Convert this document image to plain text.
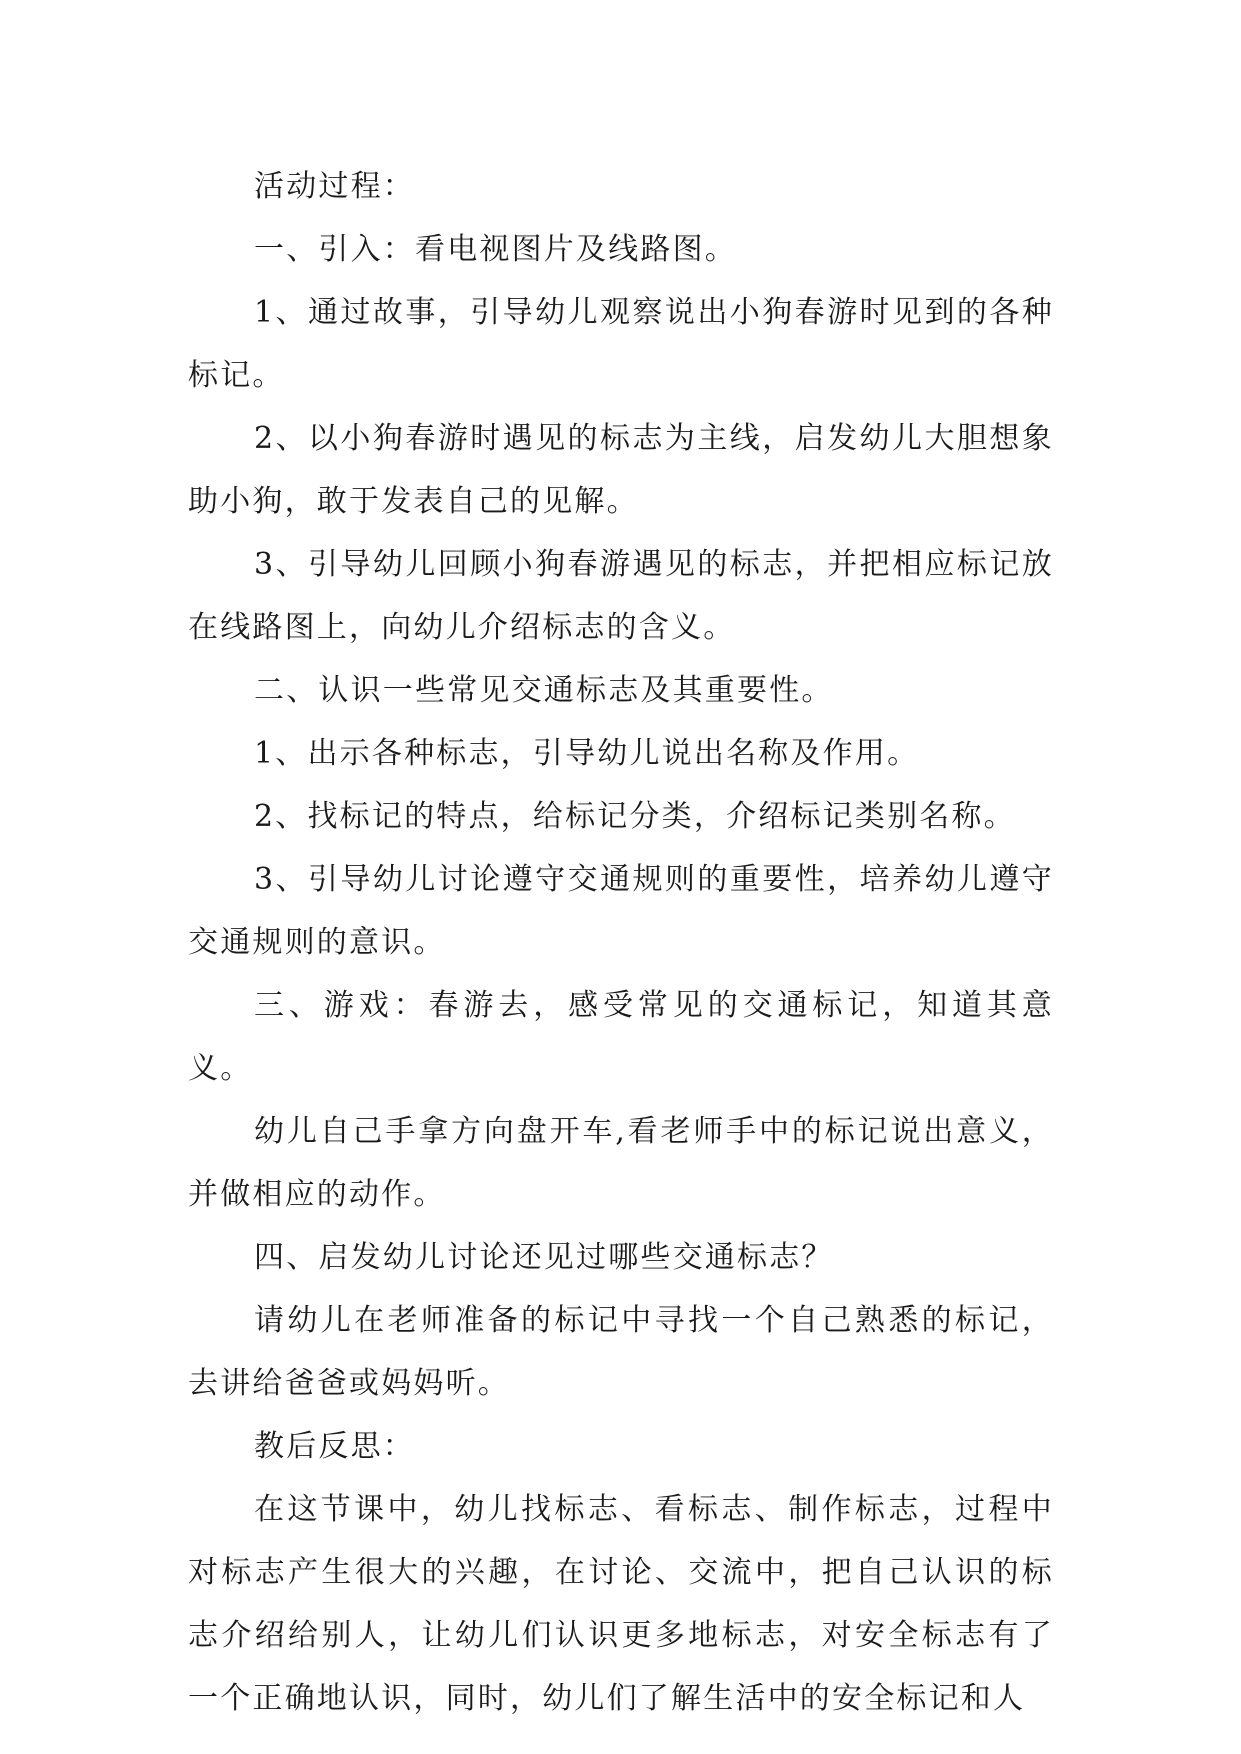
活动过程：

一、引入：看电视图片及线路图。

1、通过故事，引导幼儿观察说出小狗春游时见到的各种标记。

2、以小狗春游时遇见的标志为主线，启发幼儿大胆想象助小狗，敢于发表自己的见解。

3、引导幼儿回顾小狗春游遇见的标志，并把相应标记放在线路图上，向幼儿介绍标志的含义。

二、认识一些常见交通标志及其重要性。

1、出示各种标志，引导幼儿说出名称及作用。

2、找标记的特点，给标记分类，介绍标记类别名称。

3、引导幼儿讨论遵守交通规则的重要性，培养幼儿遵守交通规则的意识。

三、游戏：春游去，感受常见的交通标记，知道其意义。

幼儿自己手拿方向盘开车,看老师手中的标记说出意义，并做相应的动作。

四、启发幼儿讨论还见过哪些交通标志？

请幼儿在老师准备的标记中寻找一个自己熟悉的标记，去讲给爸爸或妈妈听。

教后反思：

在这节课中，幼儿找标志、看标志、制作标志，过程中对标志产生很大的兴趣，在讨论、交流中，把自己认识的标志介绍给别人，让幼儿们认识更多地标志，对安全标志有了一个正确地认识，同时，幼儿们了解生活中的安全标记和人
